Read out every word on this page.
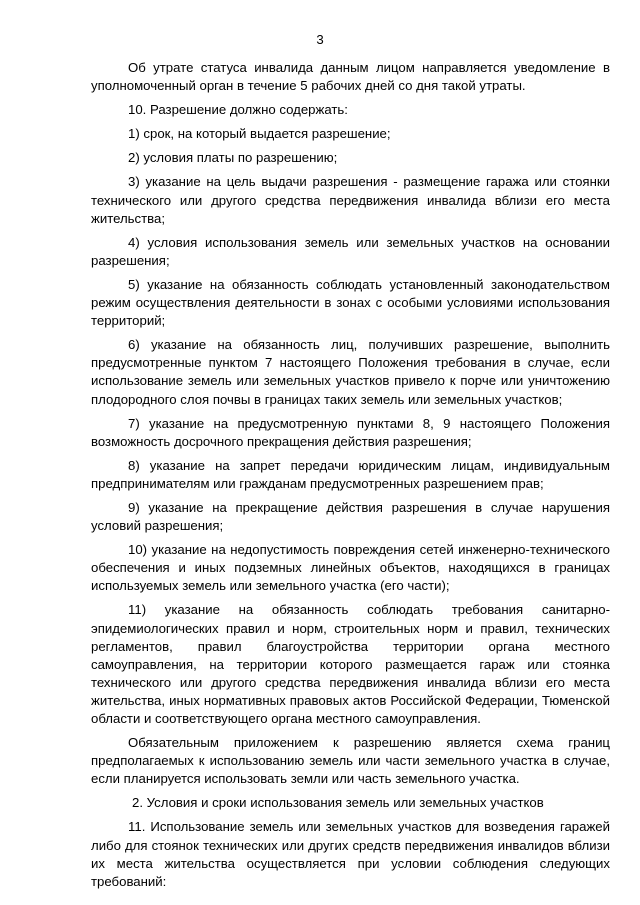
3

Об утрате статуса инвалида данным лицом направляется уведомление в уполномоченный орган в течение 5 рабочих дней со дня такой утраты.

10. Разрешение должно содержать:

1) срок, на который выдается разрешение;

2) условия платы по разрешению;

3) указание на цель выдачи разрешения - размещение гаража или стоянки технического или другого средства передвижения инвалида вблизи его места жительства;

4) условия использования земель или земельных участков на основании разрешения;

5) указание на обязанность соблюдать установленный законодательством режим осуществления деятельности в зонах с особыми условиями использования территорий;

6) указание на обязанность лиц, получивших разрешение, выполнить предусмотренные пунктом 7 настоящего Положения требования в случае, если использование земель или земельных участков привело к порче или уничтожению плодородного слоя почвы в границах таких земель или земельных участков;

7) указание на предусмотренную пунктами 8, 9 настоящего Положения возможность досрочного прекращения действия разрешения;

8) указание на запрет передачи юридическим лицам, индивидуальным предпринимателям или гражданам предусмотренных разрешением прав;

9) указание на прекращение действия разрешения в случае нарушения условий разрешения;

10) указание на недопустимость повреждения сетей инженерно-технического обеспечения и иных подземных линейных объектов, находящихся в границах используемых земель или земельного участка (его части);

11) указание на обязанность соблюдать требования санитарно-эпидемиологических правил и норм, строительных норм и правил, технических регламентов, правил благоустройства территории органа местного самоуправления, на территории которого размещается гараж или стоянка технического или другого средства передвижения инвалида вблизи его места жительства, иных нормативных правовых актов Российской Федерации, Тюменской области и соответствующего органа местного самоуправления.

Обязательным приложением к разрешению является схема границ предполагаемых к использованию земель или части земельного участка в случае, если планируется использовать земли или часть земельного участка.

2. Условия и сроки использования земель или земельных участков

11. Использование земель или земельных участков для возведения гаражей либо для стоянок технических или других средств передвижения инвалидов вблизи их места жительства осуществляется при условии соблюдения следующих требований:
